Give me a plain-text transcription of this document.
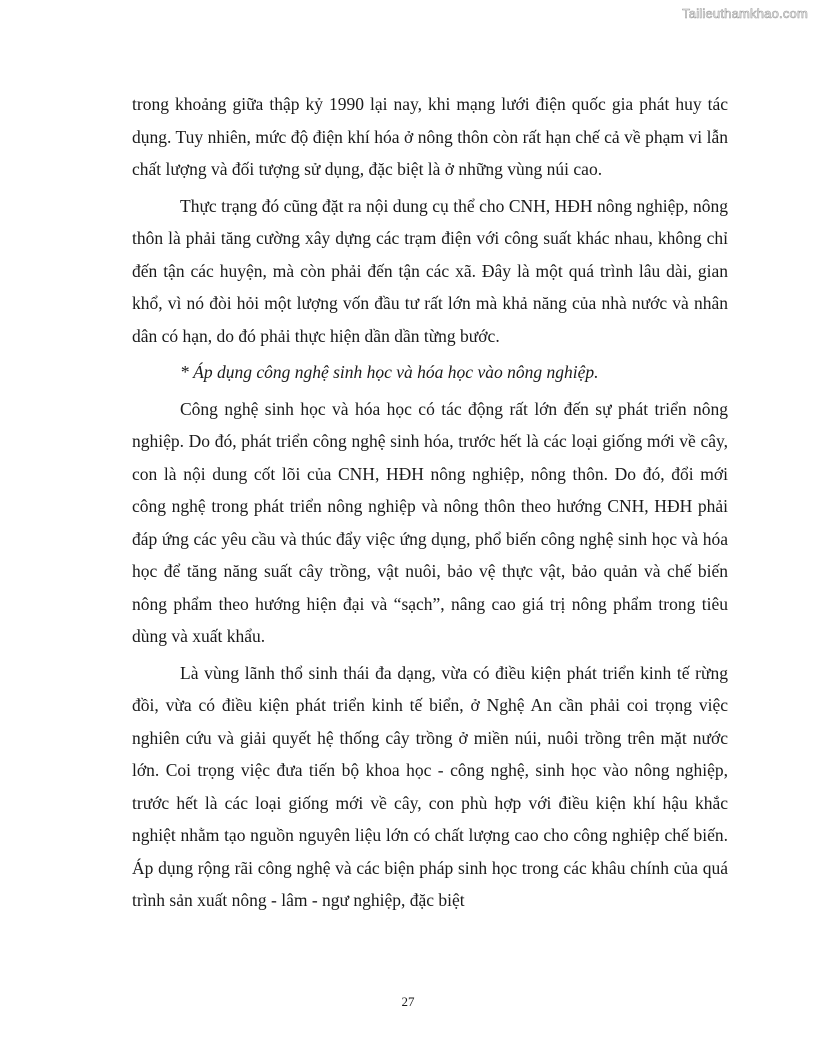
Tailieuthamkhao.com

trong khoảng giữa thập kỷ 1990 lại nay, khi mạng lưới điện quốc gia phát huy tác dụng. Tuy nhiên, mức độ điện khí hóa ở nông thôn còn rất hạn chế cả về phạm vi lẫn chất lượng và đối tượng sử dụng, đặc biệt là ở những vùng núi cao.

Thực trạng đó cũng đặt ra nội dung cụ thể cho CNH, HĐH nông nghiệp, nông thôn là phải tăng cường xây dựng các trạm điện với công suất khác nhau, không chỉ đến tận các huyện, mà còn phải đến tận các xã. Đây là một quá trình lâu dài, gian khổ, vì nó đòi hỏi một lượng vốn đầu tư rất lớn mà khả năng của nhà nước và nhân dân có hạn, do đó phải thực hiện dần dần từng bước.

* Áp dụng công nghệ sinh học và hóa học vào nông nghiệp.

Công nghệ sinh học và hóa học có tác động rất lớn đến sự phát triển nông nghiệp. Do đó, phát triển công nghệ sinh hóa, trước hết là các loại giống mới về cây, con là nội dung cốt lõi của CNH, HĐH nông nghiệp, nông thôn. Do đó, đổi mới công nghệ trong phát triển nông nghiệp và nông thôn theo hướng CNH, HĐH phải đáp ứng các yêu cầu và thúc đẩy việc ứng dụng, phổ biến công nghệ sinh học và hóa học để tăng năng suất cây trồng, vật nuôi, bảo vệ thực vật, bảo quản và chế biến nông phẩm theo hướng hiện đại và “sạch”, nâng cao giá trị nông phẩm trong tiêu dùng và xuất khẩu.

Là vùng lãnh thổ sinh thái đa dạng, vừa có điều kiện phát triển kinh tế rừng đồi, vừa có điều kiện phát triển kinh tế biển, ở Nghệ An cần phải coi trọng việc nghiên cứu và giải quyết hệ thống cây trồng ở miền núi, nuôi trồng trên mặt nước lớn. Coi trọng việc đưa tiến bộ khoa học - công nghệ, sinh học vào nông nghiệp, trước hết là các loại giống mới về cây, con phù hợp với điều kiện khí hậu khắc nghiệt nhằm tạo nguồn nguyên liệu lớn có chất lượng cao cho công nghiệp chế biến. Áp dụng rộng rãi công nghệ và các biện pháp sinh học trong các khâu chính của quá trình sản xuất nông - lâm - ngư nghiệp, đặc biệt

27
